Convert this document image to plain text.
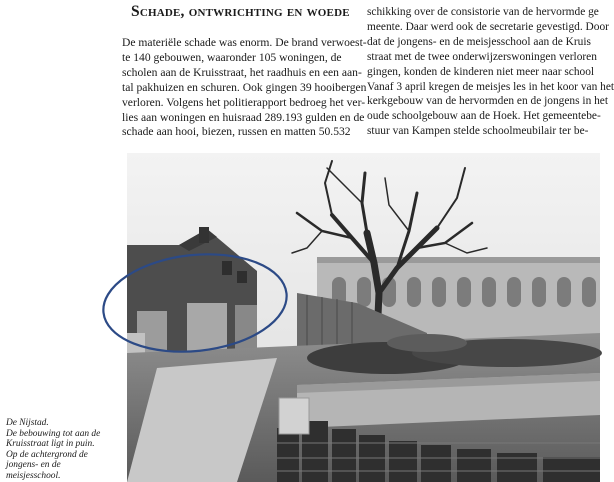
Schade, ontwrichting en woede
De materiële schade was enorm. De brand verwoest-
te 140 gebouwen, waaronder 105 woningen, de
scholen aan de Kruisstraat, het raadhuis en een aan-
tal pakhuizen en schuren. Ook gingen 39 hooibergen
verloren. Volgens het politierapport bedroeg het ver-
lies aan woningen en huisraad 289.193 gulden en de
schade aan hooi, biezen, russen en matten 50.532
schikking over de consistorie van de hervormde ge
meente. Daar werd ook de secretarie gevestigd. Door
dat de jongens- en de meisjesschool aan de Kruis
straat met de twee onderwijzerswoningen verloren
gingen, konden de kinderen niet meer naar school
Vanaf 3 april kregen de meisjes les in het koor van het
kerkgebouw van de hervormden en de jongens in het
oude schoolgebouw aan de Hoek. Het gemeentebe-
stuur van Kampen stelde schoolmeubilair ter be-
De Nijstad.
De bebouwing tot aan de
Kruisstraat ligt in puin.
Op de achtergrond de
jongens- en de
meisjesschool.
